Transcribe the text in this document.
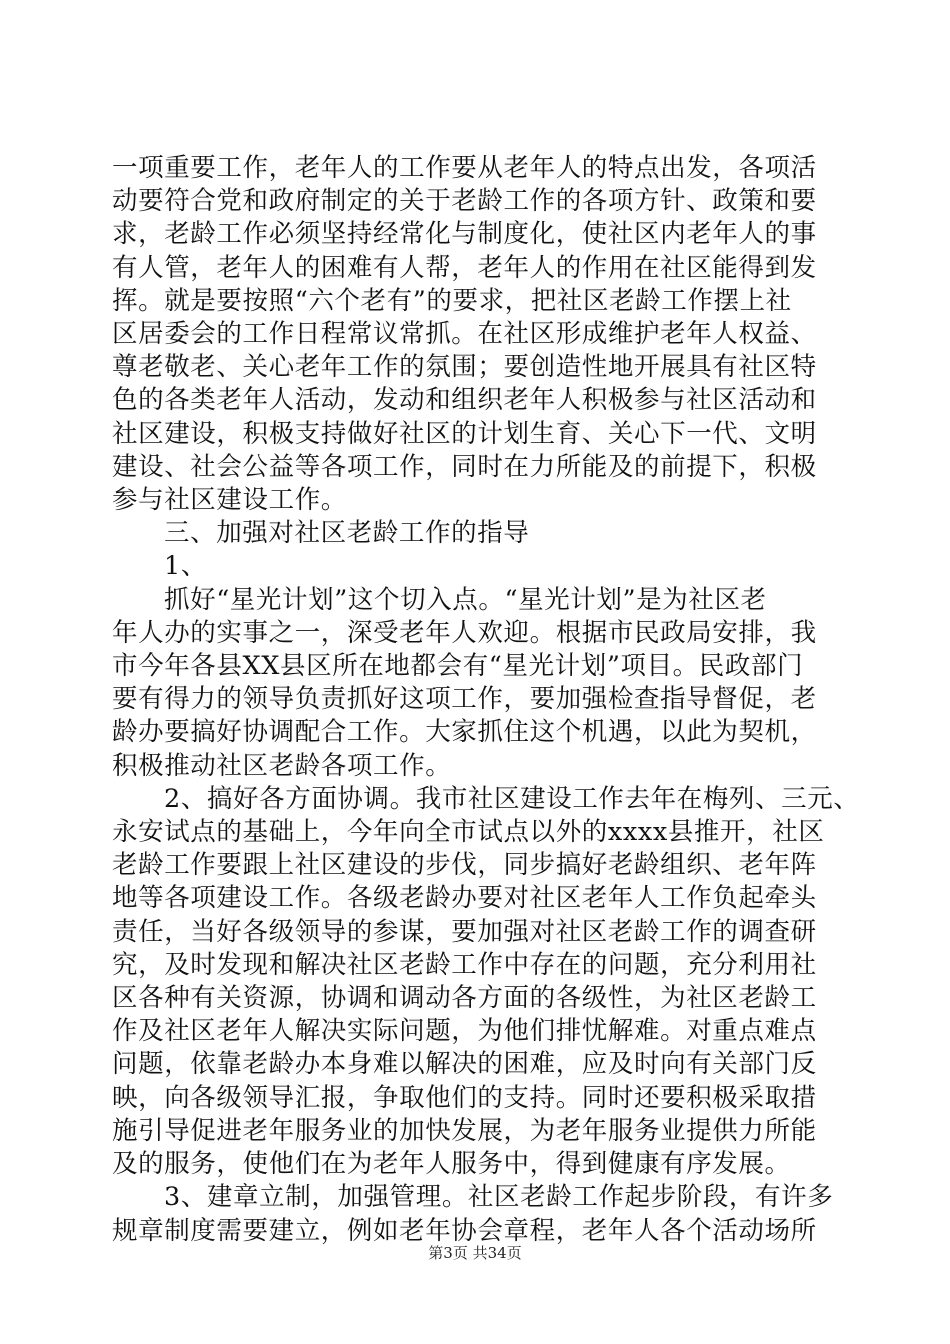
一项重要工作，老年人的工作要从老年人的特点出发，各项活

动要符合党和政府制定的关于老龄工作的各项方针、政策和要

求，老龄工作必须坚持经常化与制度化，使社区内老年人的事

有人管，老年人的困难有人帮，老年人的作用在社区能得到发

挥。就是要按照“六个老有”的要求，把社区老龄工作摆上社

区居委会的工作日程常议常抓。在社区形成维护老年人权益、

尊老敬老、关心老年工作的氛围；要创造性地开展具有社区特

色的各类老年人活动，发动和组织老年人积极参与社区活动和

社区建设，积极支持做好社区的计划生育、关心下一代、文明

建设、社会公益等各项工作，同时在力所能及的前提下，积极

参与社区建设工作。

三、加强对社区老龄工作的指导

1、

抓好“星光计划”这个切入点。“星光计划”是为社区老

年人办的实事之一，深受老年人欢迎。根据市民政局安排，我

市今年各县XX县区所在地都会有“星光计划”项目。民政部门

要有得力的领导负责抓好这项工作，要加强检查指导督促，老

龄办要搞好协调配合工作。大家抓住这个机遇，以此为契机，

积极推动社区老龄各项工作。

2、搞好各方面协调。我市社区建设工作去年在梅列、三元、

永安试点的基础上，今年向全市试点以外的xxxx县推开，社区

老龄工作要跟上社区建设的步伐，同步搞好老龄组织、老年阵

地等各项建设工作。各级老龄办要对社区老年人工作负起牵头

责任，当好各级领导的参谋，要加强对社区老龄工作的调查研

究，及时发现和解决社区老龄工作中存在的问题，充分利用社

区各种有关资源，协调和调动各方面的各级性，为社区老龄工

作及社区老年人解决实际问题，为他们排忧解难。对重点难点

问题，依靠老龄办本身难以解决的困难，应及时向有关部门反

映，向各级领导汇报，争取他们的支持。同时还要积极采取措

施引导促进老年服务业的加快发展，为老年服务业提供力所能

及的服务，使他们在为老年人服务中，得到健康有序发展。

3、建章立制，加强管理。社区老龄工作起步阶段，有许多

规章制度需要建立，例如老年协会章程，老年人各个活动场所

第3页 共34页
